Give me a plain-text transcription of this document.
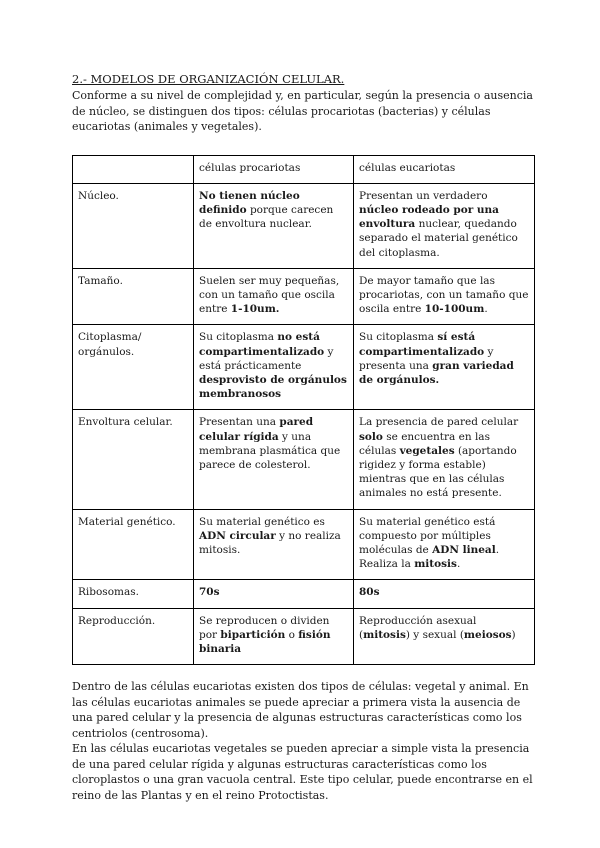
2.- MODELOS DE ORGANIZACIÓN CELULAR.

Conforme a su nivel de complejidad y, en particular, según la presencia o ausencia de núcleo, se distinguen dos tipos: células procariotas (bacterias) y células eucariotas (animales y vegetales).

	células procariotas	células eucariotas
Núcleo.	No tienen núcleo definido porque carecen de envoltura nuclear.	Presentan un verdadero núcleo rodeado por una envoltura nuclear, quedando separado el material genético del citoplasma.
Tamaño.	Suelen ser muy pequeñas, con un tamaño que oscila entre 1-10um.	De mayor tamaño que las procariotas, con un tamaño que oscila entre 10-100um.
Citoplasma/ orgánulos.	Su citoplasma no está compartimentalizado y está prácticamente desprovisto de orgánulos membranosos	Su citoplasma sí está compartimentalizado y presenta una gran variedad de orgánulos.
Envoltura celular.	Presentan una pared celular rígida y una membrana plasmática que parece de colesterol.	La presencia de pared celular solo se encuentra en las células vegetales (aportando rigidez y forma estable) mientras que en las células animales no está presente.
Material genético.	Su material genético es ADN circular y no realiza mitosis.	Su material genético está compuesto por múltiples moléculas de ADN lineal. Realiza la mitosis.
Ribosomas.	70s	80s
Reproducción.	Se reproducen o dividen por bipartición o fisión binaria	Reproducción asexual (mitosis) y sexual (meiosos)

Dentro de las células eucariotas existen dos tipos de células: vegetal y animal. En las células eucariotas animales se puede apreciar a primera vista la ausencia de una pared celular y la presencia de algunas estructuras características como los centriolos (centrosoma).

En las células eucariotas vegetales se pueden apreciar a simple vista la presencia de una pared celular rígida y algunas estructuras características como los cloroplastos o una gran vacuola central. Este tipo celular, puede encontrarse en el reino de las Plantas y en el reino Protoctistas.
